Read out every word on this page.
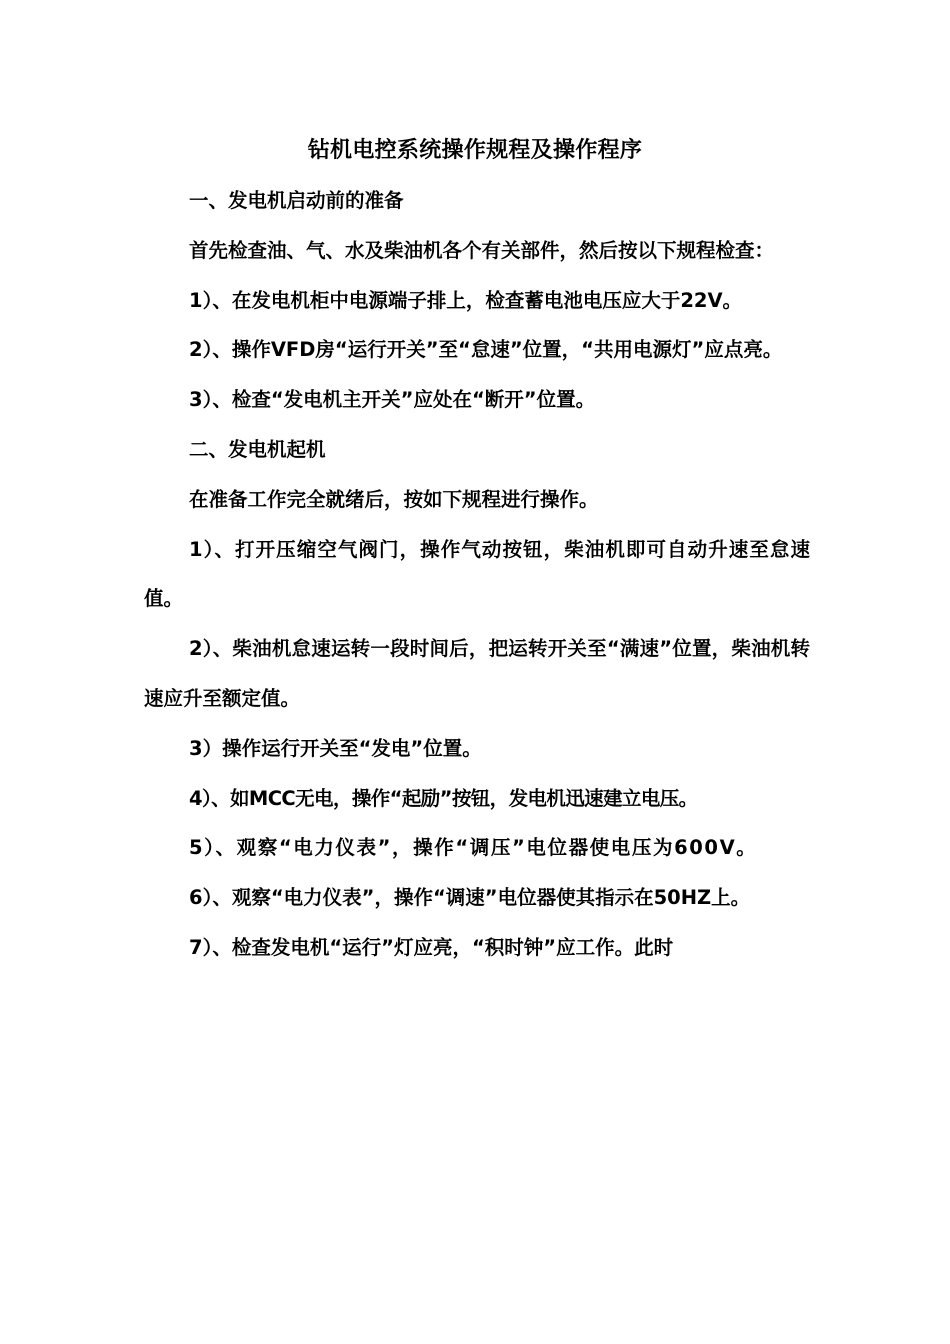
钻机电控系统操作规程及操作程序

一、发电机启动前的准备

首先检查油、气、水及柴油机各个有关部件，然后按以下规程检查：

1）、在发电机柜中电源端子排上，检查蓄电池电压应大于22V。

2）、操作VFD房“运行开关”至“怠速”位置，“共用电源灯”应点亮。

3）、检查“发电机主开关”应处在“断开”位置。

二、发电机起机

在准备工作完全就绪后，按如下规程进行操作。

1）、打开压缩空气阀门，操作气动按钮，柴油机即可自动升速至怠速值。

2）、柴油机怠速运转一段时间后，把运转开关至“满速”位置，柴油机转速应升至额定值。

3）操作运行开关至“发电”位置。

4）、如MCC无电，操作“起励”按钮，发电机迅速建立电压。

5）、观察“电力仪表”，操作“调压”电位器使电压为600V。

6）、观察“电力仪表”，操作“调速”电位器使其指示在50HZ上。

7）、检查发电机“运行”灯应亮，“积时钟”应工作。此时
